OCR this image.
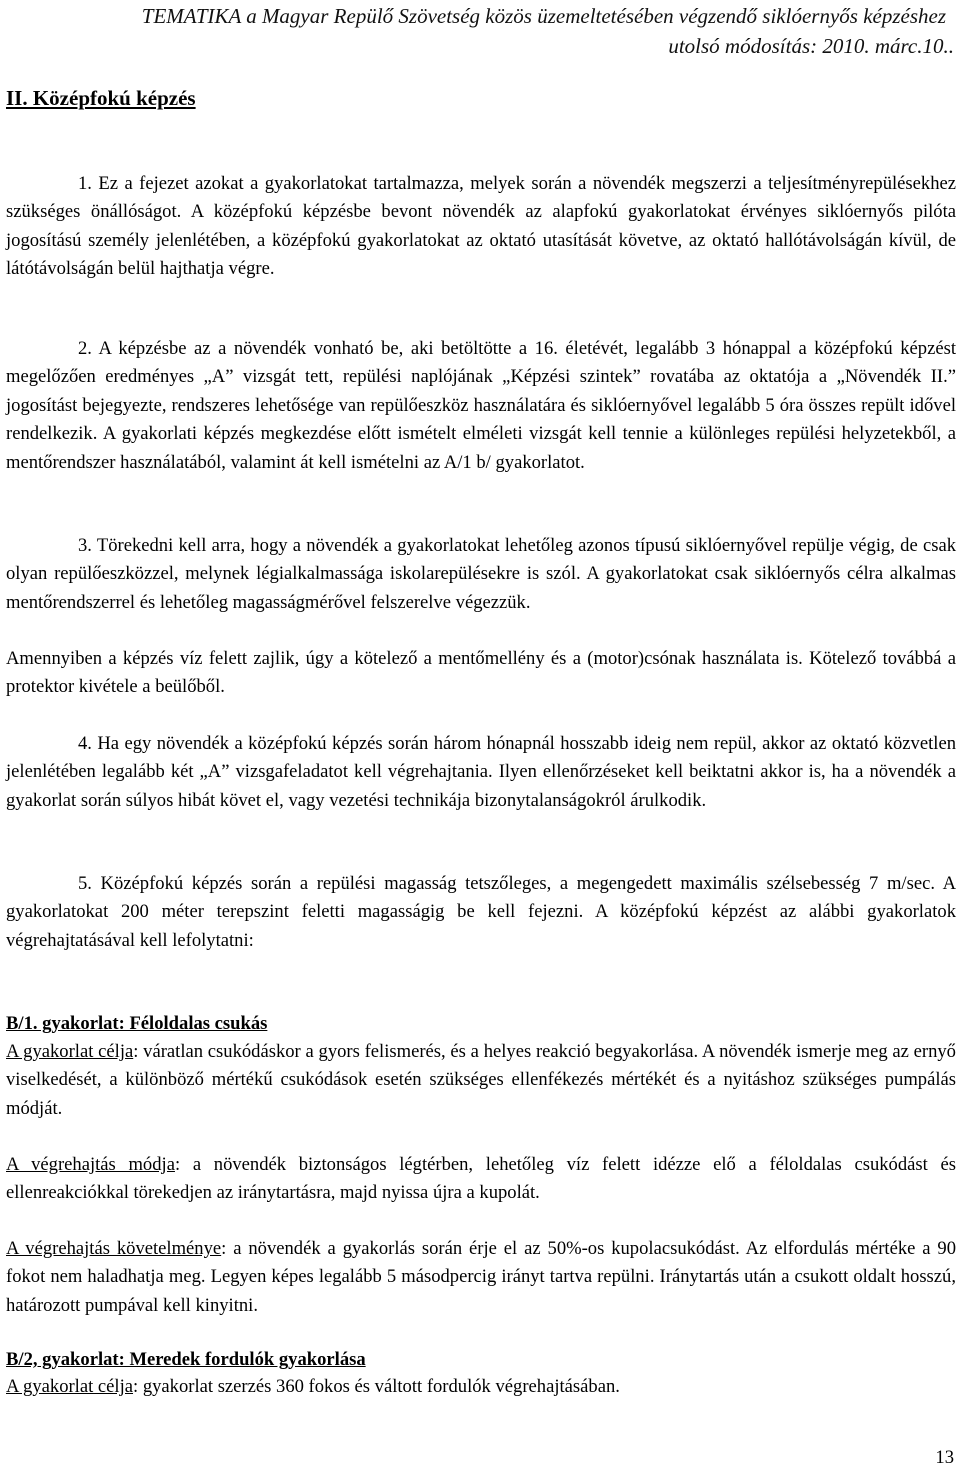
TEMATIKA a Magyar Repülő Szövetség közös üzemeltetésében végzendő siklóernyős képzéshez
utolsó módosítás: 2010. márc.10..
II. Középfokú képzés

1. Ez a fejezet azokat a gyakorlatokat tartalmazza, melyek során a növendék megszerzi a teljesítményrepülésekhez szükséges önállóságot. A középfokú képzésbe bevont növendék az alapfokú gyakorlatokat érvényes siklóernyős pilóta jogosítású személy jelenlétében, a középfokú gyakorlatokat az oktató utasítását követve, az oktató hallótávolságán kívül, de látótávolságán belül hajthatja végre.

2. A képzésbe az a növendék vonható be, aki betöltötte a 16. életévét, legalább 3 hónappal a középfokú képzést megelőzően eredményes „A” vizsgát tett, repülési naplójának „Képzési szintek” rovatába az oktatója a „Növendék II.” jogosítást bejegyezte, rendszeres lehetősége van repülőeszköz használatára és siklóernyővel legalább 5 óra összes repült idővel rendelkezik. A gyakorlati képzés megkezdése előtt ismételt elméleti vizsgát kell tennie a különleges repülési helyzetekből, a mentőrendszer használatából, valamint át kell ismételni az A/1 b/ gyakorlatot.

3. Törekedni kell arra, hogy a növendék a gyakorlatokat lehetőleg azonos típusú siklóernyővel repülje végig, de csak olyan repülőeszközzel, melynek légialkalmassága iskolarepülésekre is szól. A gyakorlatokat csak siklóernyős célra alkalmas mentőrendszerrel és lehetőleg magasságmérővel felszerelve végezzük.

Amennyiben a képzés víz felett zajlik, úgy a kötelező a mentőmellény és a (motor)csónak használata is. Kötelező továbbá a protektor kivétele a beülőből.

4. Ha egy növendék a középfokú képzés során három hónapnál hosszabb ideig nem repül, akkor az oktató közvetlen jelenlétében legalább két „A” vizsgafeladatot kell végrehajtania. Ilyen ellenőrzéseket kell beiktatni akkor is, ha a növendék a gyakorlat során súlyos hibát követ el, vagy vezetési technikája bizonytalanságokról árulkodik.

5. Középfokú képzés során a repülési magasság tetszőleges, a megengedett maximális szélsebesség 7 m/sec. A gyakorlatokat 200 méter terepszint feletti magasságig be kell fejezni. A középfokú képzést az alábbi gyakorlatok végrehajtatásával kell lefolytatni:

B/1. gyakorlat: Féloldalas csukás

A gyakorlat célja: váratlan csukódáskor a gyors felismerés, és a helyes reakció begyakorlása. A növendék ismerje meg az ernyő viselkedését, a különböző mértékű csukódások esetén szükséges ellenfékezés mértékét és a nyitáshoz szükséges pumpálás módját.

A végrehajtás módja: a növendék biztonságos légtérben, lehetőleg víz felett idézze elő a féloldalas csukódást és ellenreakciókkal törekedjen az iránytartásra, majd nyissa újra a kupolát.

A végrehajtás követelménye: a növendék a gyakorlás során érje el az 50%-os kupolacsukódást. Az elfordulás mértéke a 90 fokot nem haladhatja meg. Legyen képes legalább 5 másodpercig irányt tartva repülni. Iránytartás után a csukott oldalt hosszú, határozott pumpával kell kinyitni.

B/2, gyakorlat: Meredek fordulók gyakorlása

A gyakorlat célja: gyakorlat szerzés 360 fokos és váltott fordulók végrehajtásában.

13
